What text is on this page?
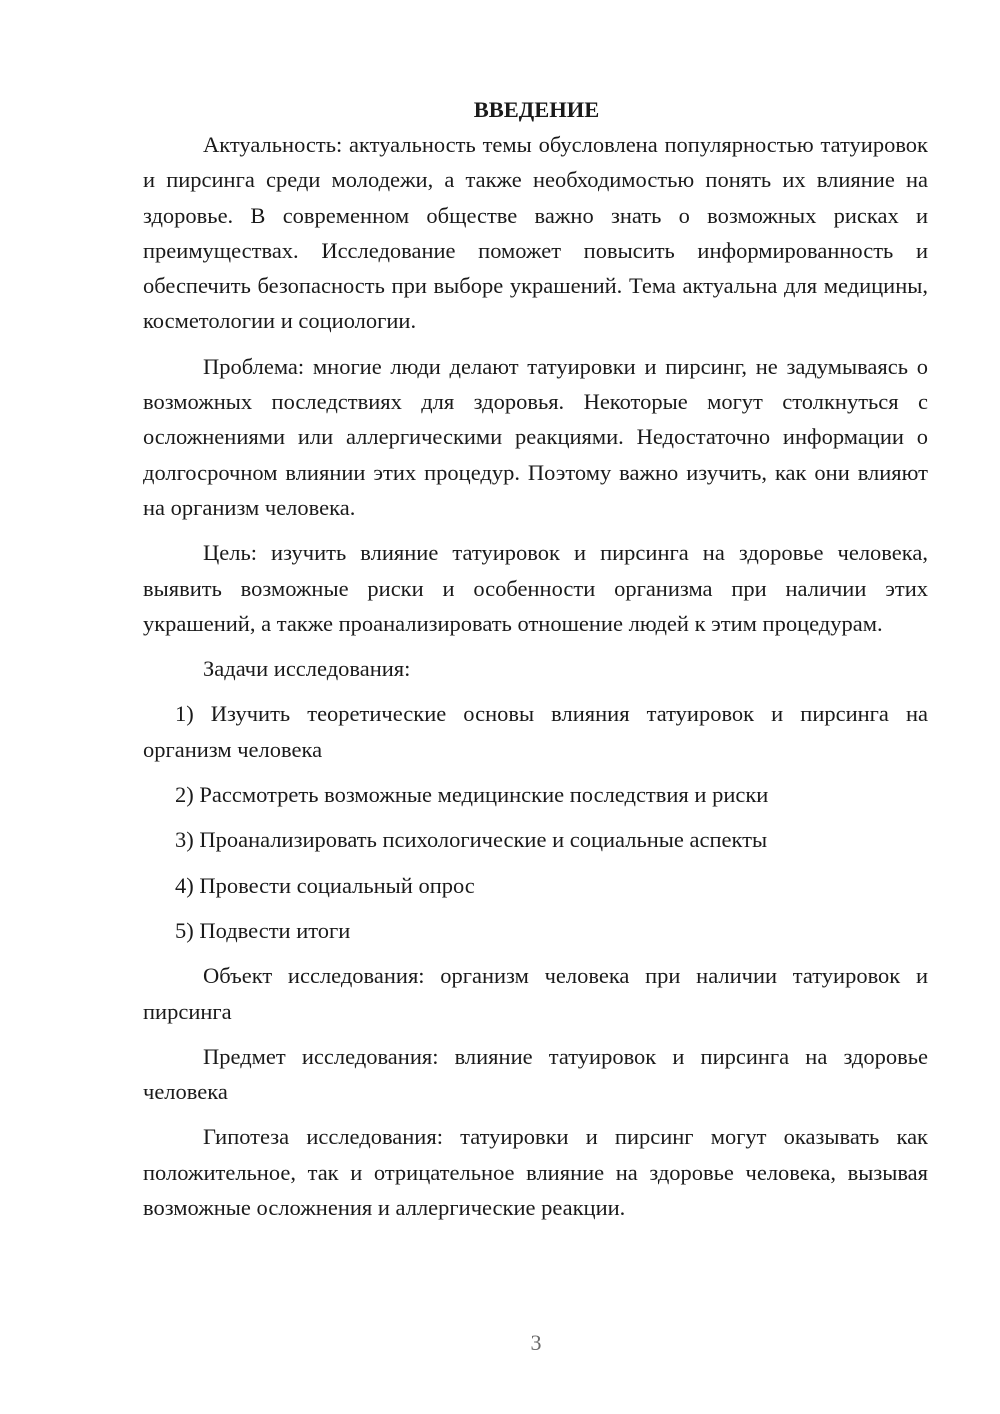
ВВЕДЕНИЕ

Актуальность: актуальность темы обусловлена популярностью татуировок и пирсинга среди молодежи, а также необходимостью понять их влияние на здоровье. В современном обществе важно знать о возможных рисках и преимуществах. Исследование поможет повысить информированность и обеспечить безопасность при выборе украшений. Тема актуальна для медицины, косметологии и социологии.

Проблема: многие люди делают татуировки и пирсинг, не задумываясь о возможных последствиях для здоровья. Некоторые могут столкнуться с осложнениями или аллергическими реакциями. Недостаточно информации о долгосрочном влиянии этих процедур. Поэтому важно изучить, как они влияют на организм человека.

Цель: изучить влияние татуировок и пирсинга на здоровье человека, выявить возможные риски и особенности организма при наличии этих украшений, а также проанализировать отношение людей к этим процедурам.

Задачи исследования:

1) Изучить теоретические основы влияния татуировок и пирсинга на организм человека

2) Рассмотреть возможные медицинские последствия и риски

3) Проанализировать психологические и социальные аспекты

4) Провести социальный опрос

5) Подвести итоги

Объект исследования: организм человека при наличии татуировок и пирсинга

Предмет исследования: влияние татуировок и пирсинга на здоровье человека

Гипотеза исследования: татуировки и пирсинг могут оказывать как положительное, так и отрицательное влияние на здоровье человека, вызывая возможные осложнения и аллергические реакции.

3
